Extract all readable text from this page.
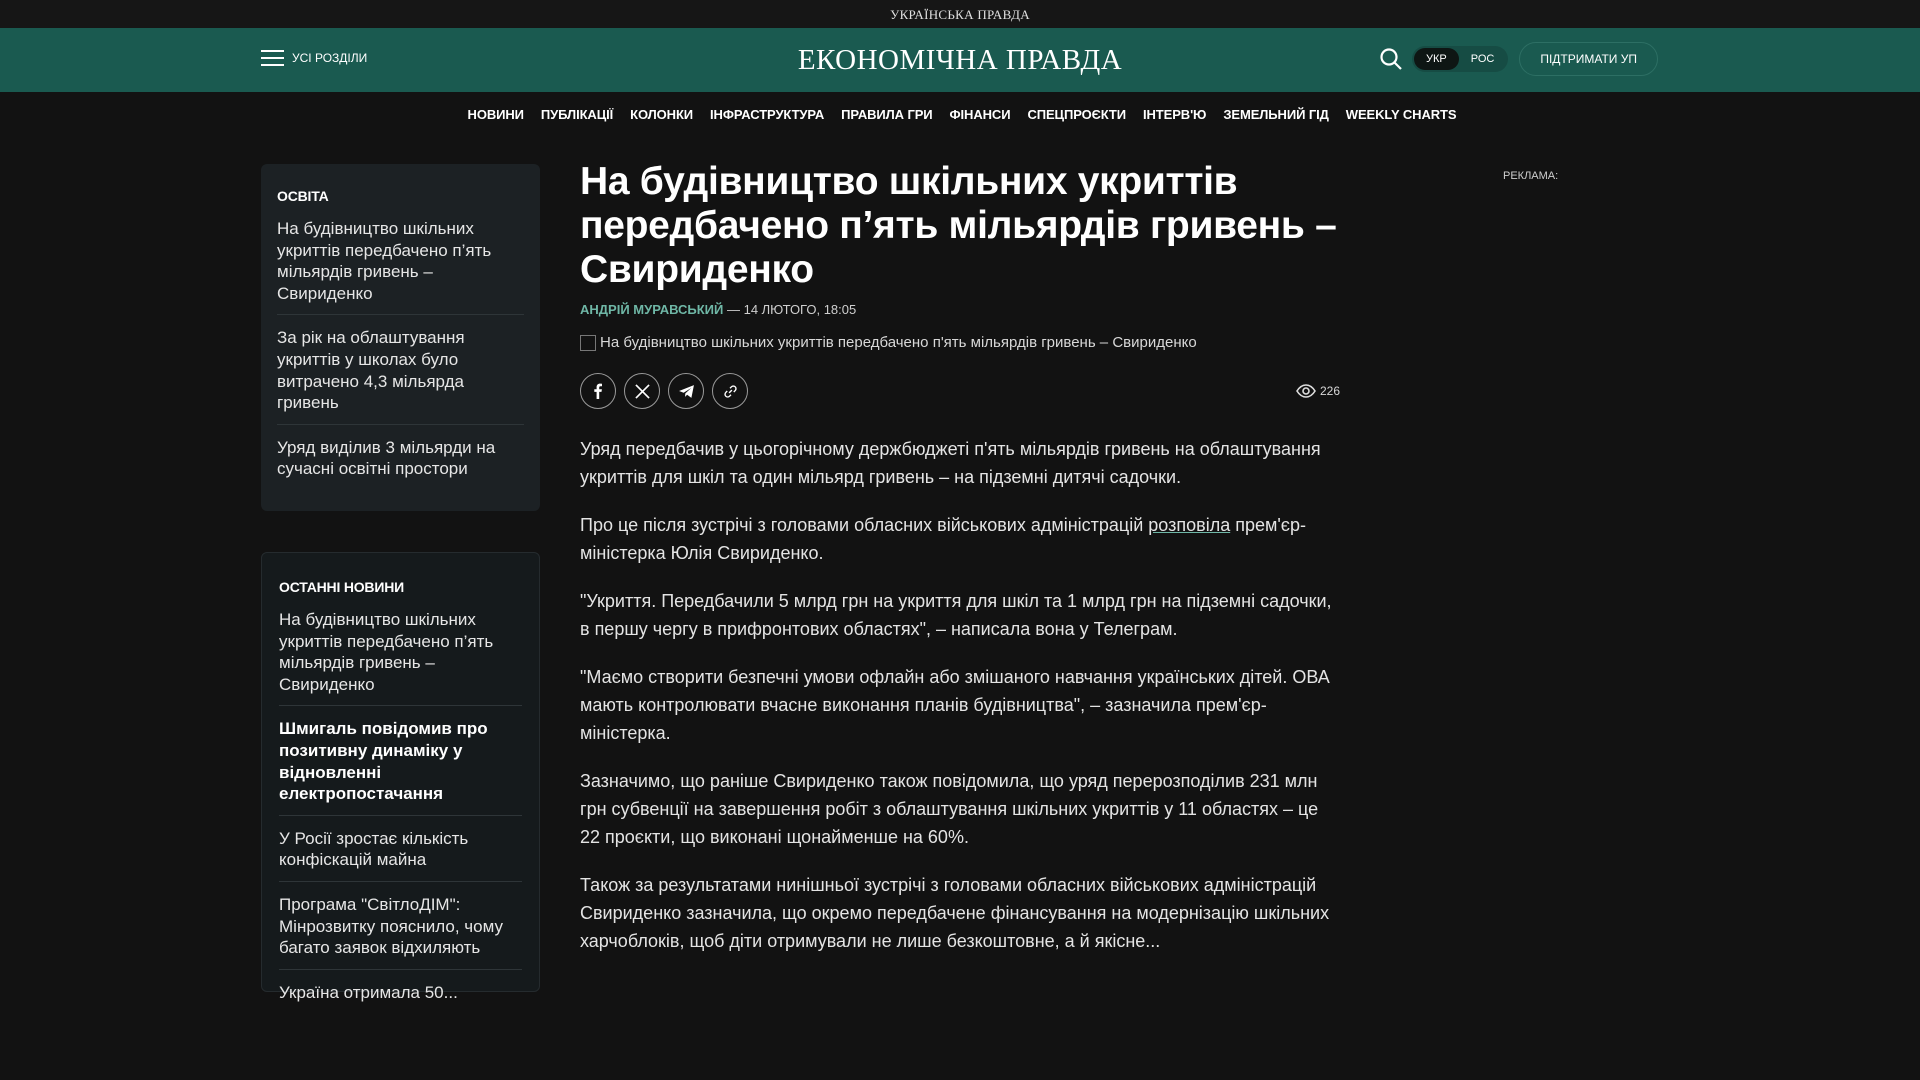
УКРАЇНСЬКА ПРАВДА
УСІ РОЗДІЛИ	ЕКОНОМІЧНА ПРАВДА	УКР	РОС	ПІДТРИМАТИ УП
НОВИНИ ПУБЛІКАЦІЇ КОЛОНКИ ІНФРАСТРУКТУРА ПРАВИЛА ГРИ ФІНАНСИ СПЕЦПРОЄКТИ ІНТЕРВ'Ю ЗЕМЕЛЬНИЙ ГІД WEEKLY CHARTS
ОСВІТА
На будівництво шкільних укриттів передбачено п’ять мільярдів гривень – Свириденко
За рік на облаштування укриттів у школах було витрачено 4,3 мільярда гривень
Уряд виділив 3 мільярди на сучасні освітні простори
ОСТАННІ НОВИНИ
На будівництво шкільних укриттів передбачено п’ять мільярдів гривень – Свириденко
Шмигаль повідомив про позитивну динаміку у відновленні електропостачання
У Росії зростає кількість конфіскацій майна
Програма "СвітлоДІМ": Мінрозвитку пояснило, чому багато заявок відхиляють
Україна отримала 50...
На будівництво шкільних укриттів передбачено п’ять мільярдів гривень – Свириденко
АНДРІЙ МУРАВСЬКИЙ — 14 ЛЮТОГО, 18:05
На будівництво шкільних укриттів передбачено п'ять мільярдів гривень – Свириденко
226

Уряд передбачив у цьогорічному держбюджеті п'ять мільярдів гривень на облаштування укриттів для шкіл та один мільярд гривень – на підземні дитячі садочки.

Про це після зустрічі з головами обласних військових адміністрацій розповіла прем'єр-міністерка Юлія Свириденко.

"Укриття. Передбачили 5 млрд грн на укриття для шкіл та 1 млрд грн на підземні садочки, в першу чергу в прифронтових областях", – написала вона у Телеграм.

"Маємо створити безпечні умови офлайн або змішаного навчання українських дітей. ОВА мають контролювати вчасне виконання планів будівництва", – зазначила прем'єр-міністерка.

Зазначимо, що раніше Свириденко також повідомила, що уряд перерозподілив 231 млн грн субвенції на завершення робіт з облаштування шкільних укриттів у 11 областях – це 22 проєкти, що виконані щонайменше на 60%.

Також за результатами нинішньої зустрічі з головами обласних військових адміністрацій Свириденко зазначила, що окремо передбачене фінансування на модернізацію шкільних харчоблоків, щоб діти отримували не лише безкоштовне, а й якісне...

РЕКЛАМА:
